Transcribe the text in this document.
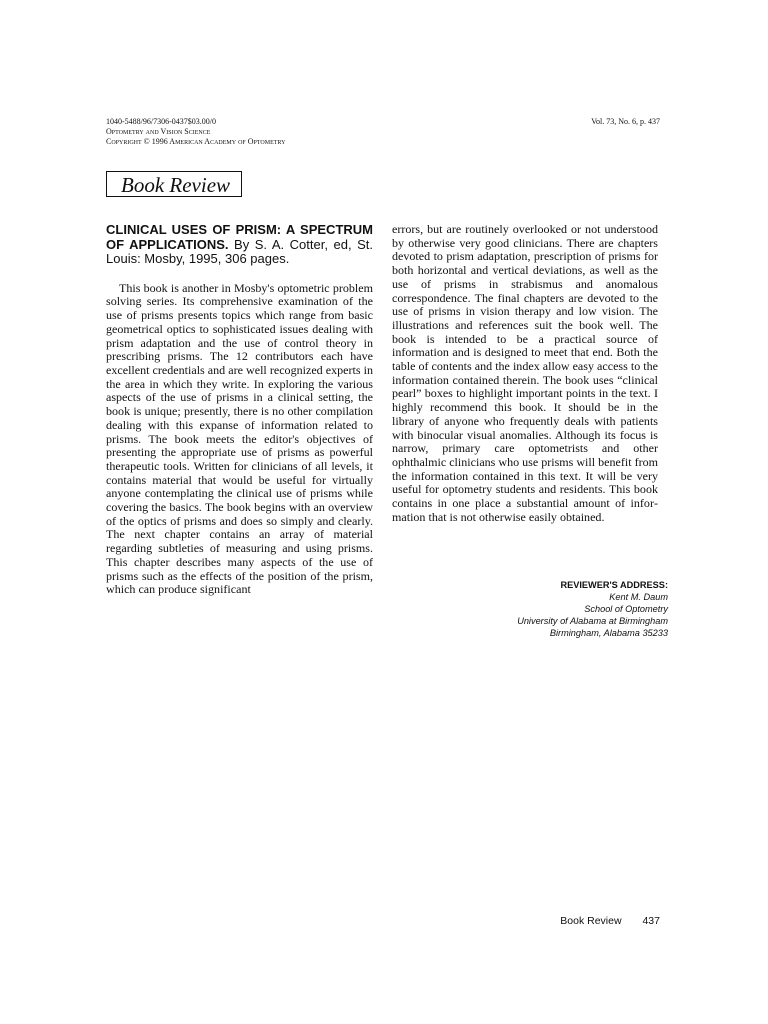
1040-5488/96/7306-0437$03.00/0
Optometry and Vision Science
Copyright © 1996 American Academy of Optometry
Vol. 73, No. 6, p. 437
Book Review
CLINICAL USES OF PRISM: A SPECTRUM OF APPLICATIONS. By S. A. Cotter, ed, St. Louis: Mosby, 1995, 306 pages.

This book is another in Mosby's optometric problem solving series. Its comprehensive examination of the use of prisms presents topics which range from basic geometrical optics to sophisticated issues dealing with prism adaptation and the use of control theory in prescribing prisms. The 12 contributors each have excellent credentials and are well recognized experts in the area in which they write. In exploring the various aspects of the use of prisms in a clinical setting, the book is unique; presently, there is no other compilation dealing with this expanse of information related to prisms. The book meets the editor's objectives of presenting the appropriate use of prisms as powerful therapeutic tools. Written for clinicians of all levels, it contains material that would be useful for virtually anyone contemplating the clinical use of prisms while covering the basics. The book begins with an overview of the optics of prisms and does so simply and clearly. The next chapter contains an array of material regarding subtleties of measuring and using prisms. This chapter describes many aspects of the use of prisms such as the effects of the position of the prism, which can produce significant

errors, but are routinely overlooked or not understood by otherwise very good clinicians. There are chapters devoted to prism adaptation, prescription of prisms for both horizontal and vertical deviations, as well as the use of prisms in strabismus and anomalous correspondence. The final chapters are devoted to the use of prisms in vision therapy and low vision. The illustrations and references suit the book well. The book is intended to be a practical source of information and is designed to meet that end. Both the table of contents and the index allow easy access to the information contained therein. The book uses “clinical pearl” boxes to highlight important points in the text. I highly recommend this book. It should be in the library of anyone who frequently deals with patients with binocular visual anomalies. Although its focus is narrow, primary care optometrists and other ophthalmic clinicians who use prisms will benefit from the information contained in this text. It will be very useful for optometry students and residents. This book contains in one place a substantial amount of information that is not otherwise easily obtained.

REVIEWER'S ADDRESS:
Kent M. Daum
School of Optometry
University of Alabama at Birmingham
Birmingham, Alabama 35233
Book Review 437
